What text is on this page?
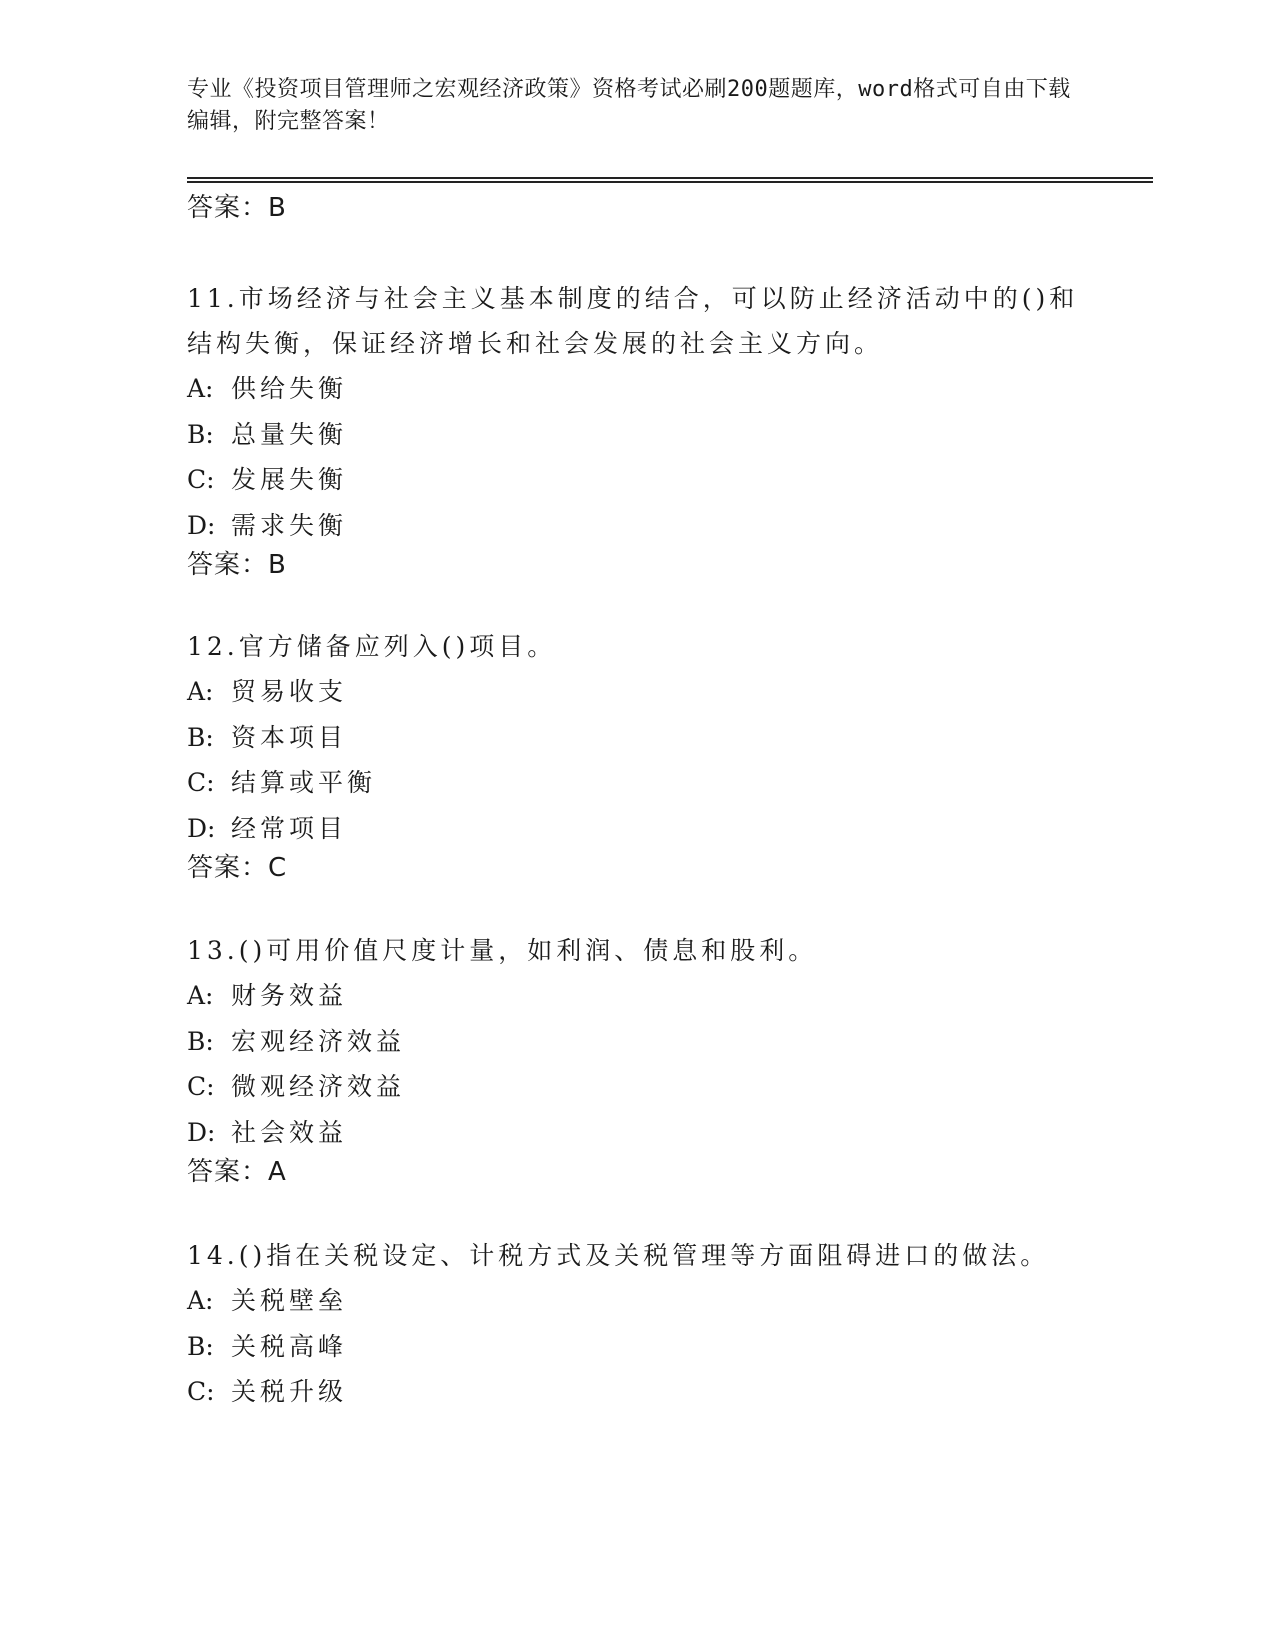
专业《投资项目管理师之宏观经济政策》资格考试必刷200题题库，word格式可自由下载编辑，附完整答案！
答案：B
11.市场经济与社会主义基本制度的结合，可以防止经济活动中的()和结构失衡，保证经济增长和社会发展的社会主义方向。
A: 供给失衡
B: 总量失衡
C: 发展失衡
D: 需求失衡
答案：B
12.官方储备应列入()项目。
A: 贸易收支
B: 资本项目
C: 结算或平衡
D: 经常项目
答案：C
13.()可用价值尺度计量，如利润、债息和股利。
A: 财务效益
B: 宏观经济效益
C: 微观经济效益
D: 社会效益
答案：A
14.()指在关税设定、计税方式及关税管理等方面阻碍进口的做法。
A: 关税壁垒
B: 关税高峰
C: 关税升级
